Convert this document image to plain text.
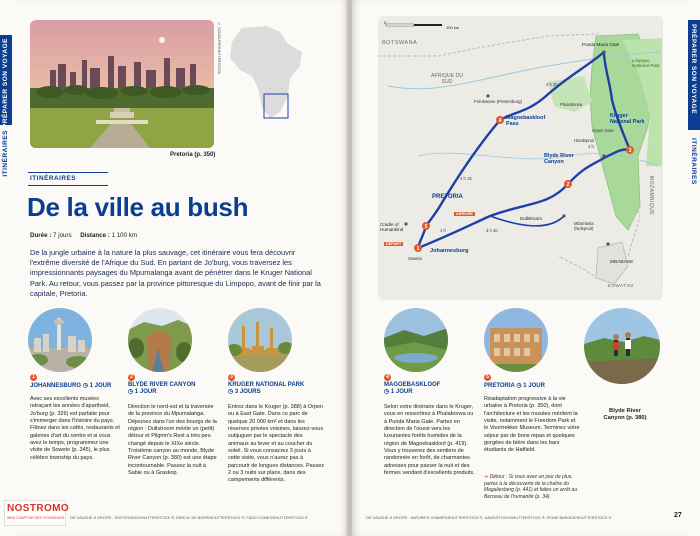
PRÉPARER SON VOYAGE
ITINÉRAIRES
© GOODLIFE/SHUTTERSTOCK
Pretoria (p. 350)
ITINÉRAIRES
De la ville au bush
Durée : 7 jours Distance : 1 100 km
De la jungle urbaine à la nature la plus sauvage, cet itinéraire vous fera découvrir l'extrême diversité de l'Afrique du Sud. En partant de Jo'burg, vous traversez les impressionnants paysages du Mpumalanga avant de pénétrer dans le Kruger National Park. Au retour, vous passez par la province pittoresque du Limpopo, avant de finir par la capitale, Pretoria.
1
JOHANNESBURG ◷ 1 JOUR
Avec ses excellents musées retraçant les années d'apartheid, Jo'burg (p. 326) est parfaite pour s'immerger dans l'histoire du pays. Flânez dans les cafés, restaurants et galeries d'art du centre et si vous avez le temps, programmez une visite de Soweto (p. 345), le plus célèbre township du pays.
2
BLYDE RIVER CANYON
◷ 1 JOUR
Direction le nord-est et la traversée de la province du Mpumalanga. Déjeunez dans l'un des bourgs de la région : Dullstroom mérite un (petit) détour et Pilgrim's Rest a très peu changé depuis le XIXe siècle. Troisième canyon au monde, Blyde River Canyon (p. 380) est une étape incontournable. Passez la nuit à Sabie ou à Graskop.
3
KRUGER NATIONAL PARK
◷ 3 JOURS
Entrez dans le Kruger (p. 388) à Orpen ou à East Gate. Dans ce parc de quelque 20 000 km² et dans les réserves privées voisines, laissez-vous subjuguer par le spectacle des animaux au lever et au coucher du soleil. Si vous consacrez 3 jours à cette visite, vous n'aurez pas à parcourir de longues distances. Passez 2 ou 3 nuits sur place, dans des campements différents.
NOSTROMO
WEB COMPTOIR DES VOYAGEURS DE GAUCHE À DROITE : SOPOTNICKI/SHUTTERSTOCK ®, DIRK M. DE BOER/SHUTTERSTOCK ®, FADO COMES/SHUTTERSTOCK ®
1
2
3
4
5
0
100 km
BOTSWANA
AFRIQUE DU SUD
Polokwane (Pietersburg)
Punda Maria Gate
Limpopo National Park
Magoebaskloof Pass
Kruger National Park
Blyde River Canyon
PRETORIA
Cradle of Humankind
Johannesburg
Dullstroom
MOZAMBIQUE
MBABANE
ESWATINI
DÉPART
ARRIVÉE
Soweto
Phalaborwa
Mbombela (Nelspruit)
Hoedspruit
Orpen Gate
1 h	3 h 30
2 h
4 h 30
4 h 15
PRÉPARER SON VOYAGE
ITINÉRAIRES
Blyde River Canyon (p. 380)
4
MAGOEBASKLOOF
◷ 1 JOUR
Selon votre itinéraire dans le Kruger, vous en ressortirez à Phalaborwa ou à Punda Maria Gate. Partez en direction de l'ouest vers les luxuriantes forêts humides de la région de Magoebaskloof (p. 419). Vous y trouverez des sentiers de randonnée en forêt, de charmantes adresses pour passer la nuit et des fermes vendant d'excellents produits.
5
PRETORIA ◷ 1 JOUR
Réadaptation progressive à la vie urbaine à Pretoria (p. 350), dont l'architecture et les musées méritent la visite, notamment le Freedom Park et le Voortrekker Museum. Terminez votre séjour par de bons repas et quelques gorgées de bière dans les bars étudiants de Hatfield.
➜ Détour : Si vous avez un jour de plus, partez à la découverte de la chaîne du Magaliesberg (p. 441) et faites un arrêt au Berceau de l'humanité (p. 34).
DE GAUCHE À DROITE : NATURE'S CHAMPS/SHUTTERSTOCK ®, DAVIDSTOCK/SHUTTERSTOCK ®, FIONE BARGER/SHUTTERSTOCK ®	27
